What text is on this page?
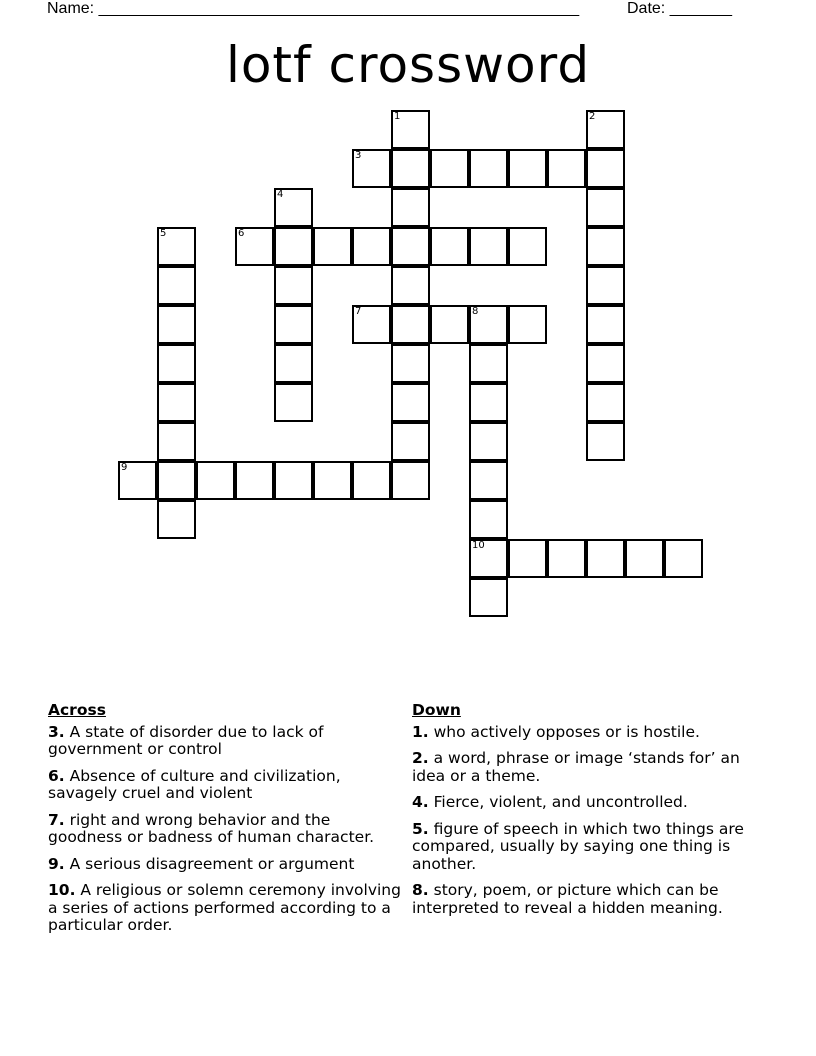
Name: ______________________________________________________	Date: _______
lotf crossword
1	2
3
4
5	6
7	8
9
10
Across
3. A state of disorder due to lack of government or control
6. Absence of culture and civilization, savagely cruel and violent
7. right and wrong behavior and the goodness or badness of human character.
9. A serious disagreement or argument
10. A religious or solemn ceremony involving a series of actions performed according to a particular order.
Down
1. who actively opposes or is hostile.
2. a word, phrase or image ‘stands for’ an idea or a theme.
4. Fierce, violent, and uncontrolled.
5. figure of speech in which two things are compared, usually by saying one thing is another.
8. story, poem, or picture which can be interpreted to reveal a hidden meaning.
